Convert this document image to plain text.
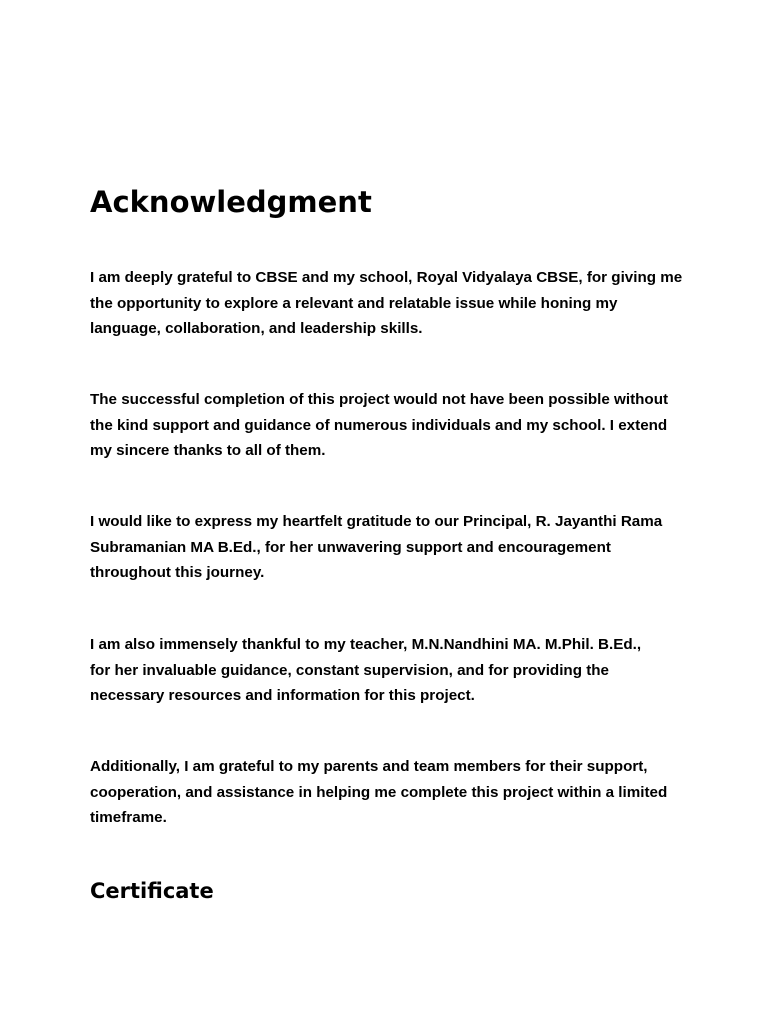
Acknowledgment

I am deeply grateful to CBSE and my school, Royal Vidyalaya CBSE, for giving me
the opportunity to explore a relevant and relatable issue while honing my
language, collaboration, and leadership skills.

The successful completion of this project would not have been possible without
the kind support and guidance of numerous individuals and my school. I extend
my sincere thanks to all of them.

I would like to express my heartfelt gratitude to our Principal, R. Jayanthi Rama
Subramanian MA B.Ed., for her unwavering support and encouragement
throughout this journey.

I am also immensely thankful to my teacher, M.N.Nandhini MA. M.Phil. B.Ed.,
for her invaluable guidance, constant supervision, and for providing the
necessary resources and information for this project.

Additionally, I am grateful to my parents and team members for their support,
cooperation, and assistance in helping me complete this project within a limited
timeframe.

Certificate
